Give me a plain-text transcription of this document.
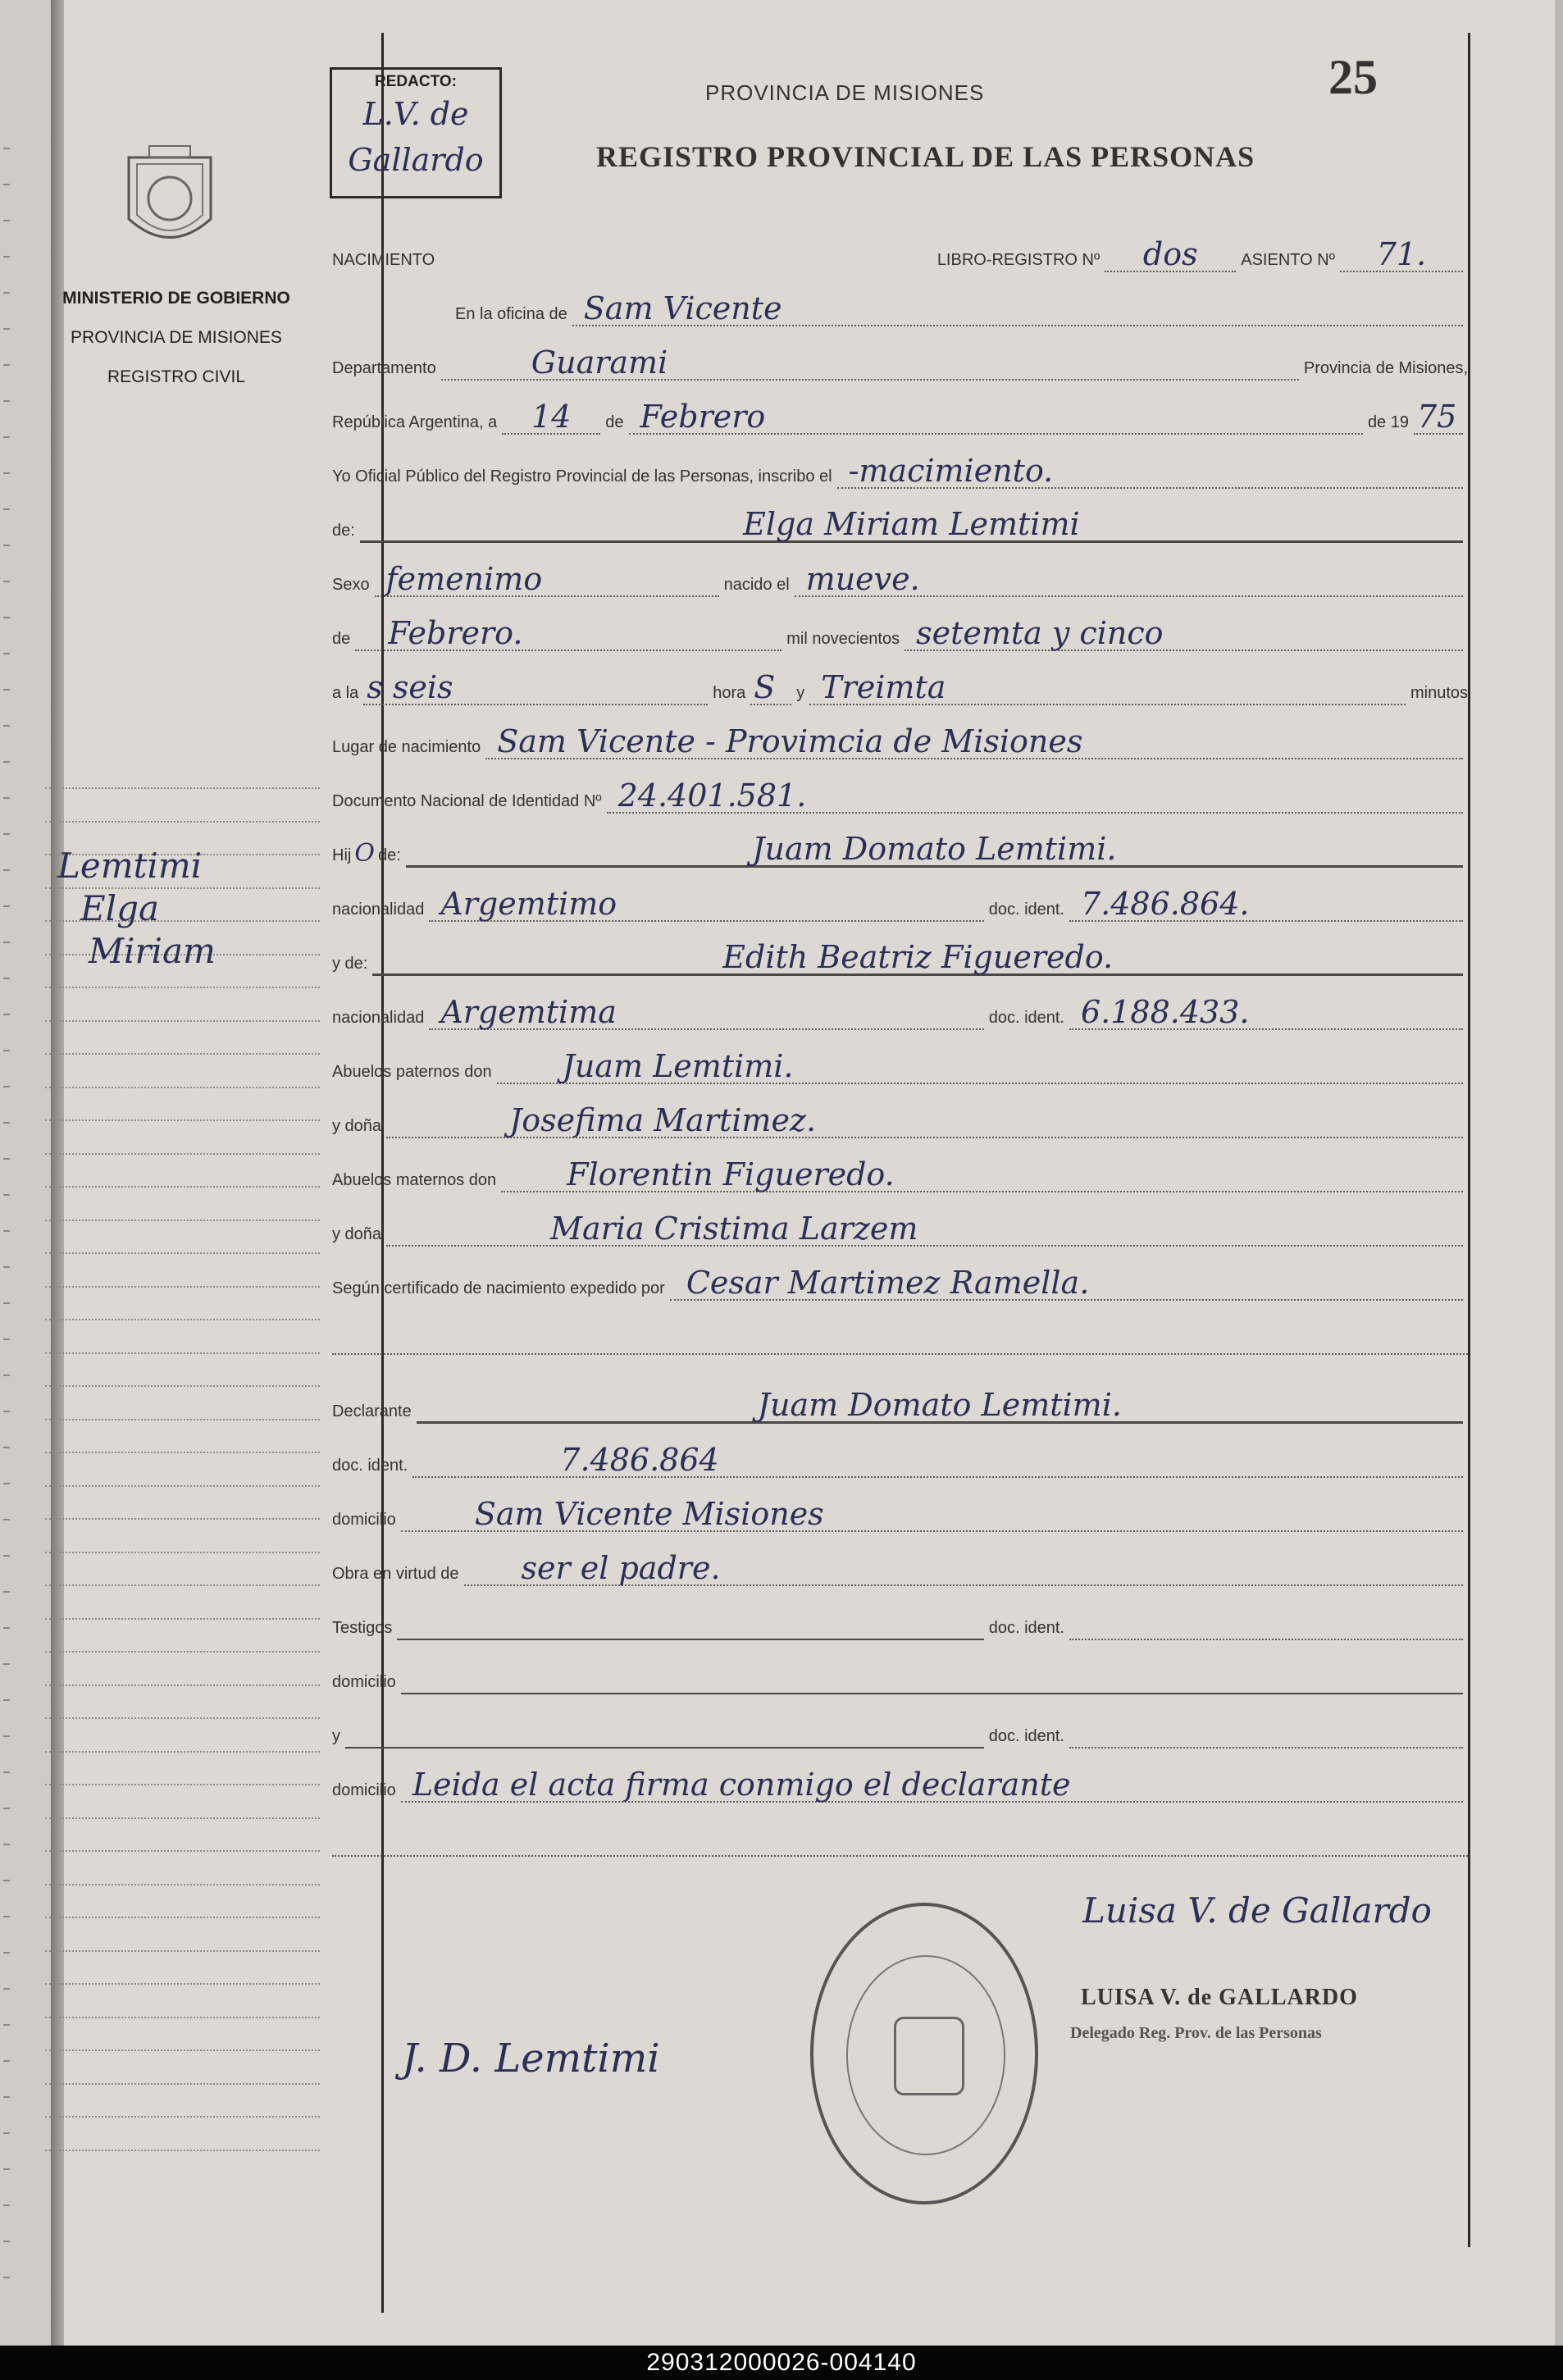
MINISTERIO DE GOBIERNO
PROVINCIA DE MISIONES
REGISTRO CIVIL
Lemtimi
Elga
Miriam
REDACTO:
L.V. de
Gallardo
PROVINCIA DE MISIONES
REGISTRO PROVINCIAL DE LAS PERSONAS
25
NACIMIENTO	LIBRO-REGISTRO Nº dos	ASIENTO Nº 71.
En la oficina de Sam Vicente
Departamento	Guarami	Provincia de Misiones,
República Argentina, a 14 de Febrero	de 19 75
Yo Oficial Público del Registro Provincial de las Personas, inscribo el -macimiento.
de:	Elga Miriam Lemtimi
Sexo femenimo	nacido el mueve.
de Febrero.	mil novecientos setemta y cinco
a la s seis	hora S y Treimta	minutos
Lugar de nacimiento Sam Vicente - Provimcia de Misiones
Documento Nacional de Identidad Nº 24.401.581.
Hij O de:	Juam Domato Lemtimi.
nacionalidad Argemtimo	doc. ident. 7.486.864.
y de:	Edith Beatriz Figueredo.
nacionalidad Argemtima	doc. ident. 6.188.433.
Abuelos paternos don Juam Lemtimi.
y doña	Josefima Martimez.
Abuelos maternos don Florentin Figueredo.
y doña	Maria Cristima Larzem
Según certificado de nacimiento expedido por Cesar Martimez Ramella.
Declarante	Juam Domato Lemtimi.
doc. ident.	7.486.864
domicilio	Sam Vicente Misiones
Obra en virtud de ser el padre.
Testigos	doc. ident.
domicilio
y	doc. ident.
domicilio Leida el acta firma conmigo el declarante
Luisa V. de Gallardo
LUISA V. de GALLARDO
Delegado Reg. Prov. de las Personas
J. D. Lemtimi
290312000026-004140
